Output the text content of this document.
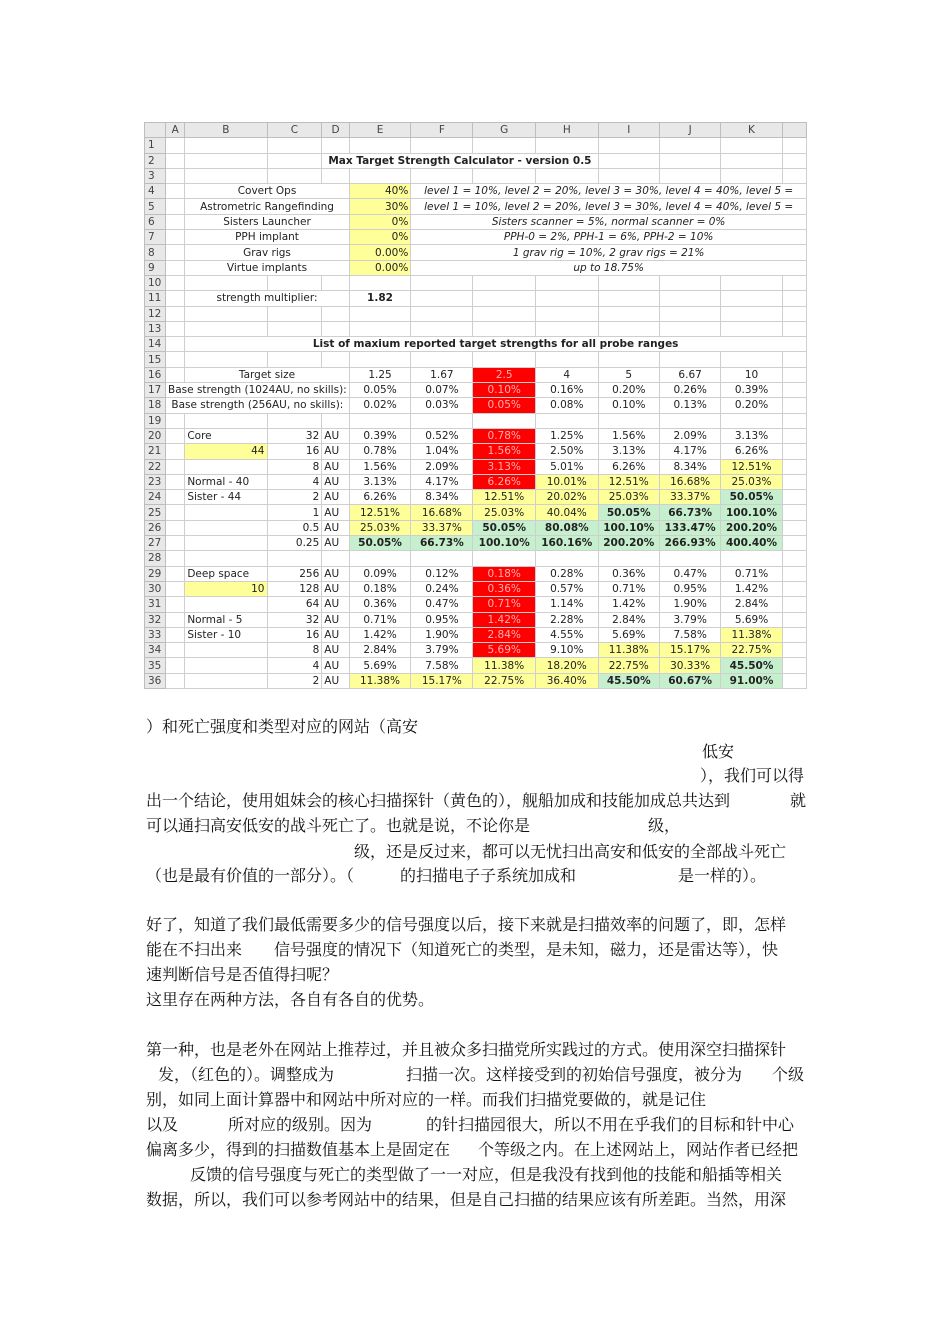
	A	B	C	D	E	F	G	H	I	J	K	
1												
2				Max Target Strength Calculator - version 0.5								
3												
4		Covert Ops			40%	level 1 = 10%, level 2 = 20%, level 3 = 30%, level 4 = 40%, level 5 =						
5		Astrometric Rangefinding			30%	level 1 = 10%, level 2 = 20%, level 3 = 30%, level 4 = 40%, level 5 =						
6		Sisters Launcher			0%	Sisters scanner = 5%, normal scanner = 0%						
7		PPH implant			0%	PPH-0 = 2%, PPH-1 = 6%, PPH-2 = 10%						
8		Grav rigs			0.00%	1 grav rig = 10%, 2 grav rigs = 21%						
9		Virtue implants			0.00%	up to 18.75%						
10												
11		strength multiplier:			1.82							
12												
13												
14		List of maxium reported target strengths for all probe ranges										
15												
16		Target size			1.25	1.67	2.5	4	5	6.67	10	
17	Base strength (1024AU, no skills):				0.05%	0.07%	0.10%	0.16%	0.20%	0.26%	0.39%	
18	Base strength (256AU, no skills):				0.02%	0.03%	0.05%	0.08%	0.10%	0.13%	0.20%	
19												
20		Core	32	AU	0.39%	0.52%	0.78%	1.25%	1.56%	2.09%	3.13%	
21		44	16	AU	0.78%	1.04%	1.56%	2.50%	3.13%	4.17%	6.26%	
22			8	AU	1.56%	2.09%	3.13%	5.01%	6.26%	8.34%	12.51%	
23		Normal - 40	4	AU	3.13%	4.17%	6.26%	10.01%	12.51%	16.68%	25.03%	
24		Sister - 44	2	AU	6.26%	8.34%	12.51%	20.02%	25.03%	33.37%	50.05%	
25			1	AU	12.51%	16.68%	25.03%	40.04%	50.05%	66.73%	100.10%	
26			0.5	AU	25.03%	33.37%	50.05%	80.08%	100.10%	133.47%	200.20%	
27			0.25	AU	50.05%	66.73%	100.10%	160.16%	200.20%	266.93%	400.40%	
28												
29		Deep space	256	AU	0.09%	0.12%	0.18%	0.28%	0.36%	0.47%	0.71%	
30		10	128	AU	0.18%	0.24%	0.36%	0.57%	0.71%	0.95%	1.42%	
31			64	AU	0.36%	0.47%	0.71%	1.14%	1.42%	1.90%	2.84%	
32		Normal - 5	32	AU	0.71%	0.95%	1.42%	2.28%	2.84%	3.79%	5.69%	
33		Sister - 10	16	AU	1.42%	1.90%	2.84%	4.55%	5.69%	7.58%	11.38%	
34			8	AU	2.84%	3.79%	5.69%	9.10%	11.38%	15.17%	22.75%	
35			4	AU	5.69%	7.58%	11.38%	18.20%	22.75%	30.33%	45.50%	
36			2	AU	11.38%	15.17%	22.75%	36.40%	45.50%	60.67%	91.00%	
）和死亡强度和类型对应的网站（高安
低安
），我们可以得
出一个结论，使用姐妹会的核心扫描探针（黄色的），舰船加成和技能加成总共达到	就
可以通扫高安低安的战斗死亡了。也就是说，不论你是	级，
级，还是反过来，都可以无忧扫出高安和低安的全部战斗死亡
（也是最有价值的一部分）。（	的扫描电子子系统加成和	是一样的）。
好了，知道了我们最低需要多少的信号强度以后，接下来就是扫描效率的问题了，即，怎样
能在不扫出来 信号强度的情况下（知道死亡的类型，是未知，磁力，还是雷达等），快
速判断信号是否值得扫呢？
这里存在两种方法，各自有各自的优势。
第一种，也是老外在网站上推荐过，并且被众多扫描党所实践过的方式。使用深空扫描探针
发，（红色的）。调整成为	扫描一次。这样接受到的初始信号强度，被分为 个级
别，如同上面计算器中和网站中所对应的一样。而我们扫描党要做的，就是记住
以及	所对应的级别。因为	的针扫描园很大，所以不用在乎我们的目标和针中心
偏离多少，得到的扫描数值基本上是固定在 个等级之内。在上述网站上，网站作者已经把
反馈的信号强度与死亡的类型做了一一对应，但是我没有找到他的技能和船插等相关
数据，所以，我们可以参考网站中的结果，但是自己扫描的结果应该有所差距。当然，用深
